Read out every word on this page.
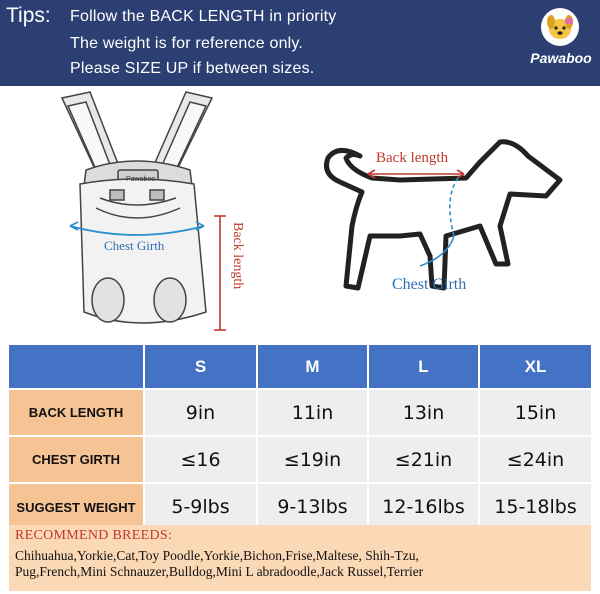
Tips: Follow the BACK LENGTH in priority
The weight is for reference only.
Please SIZE UP if between sizes.
Pawaboo
Pawaboo
Chest Girth	Back length
Back length
Chest Girth
S	M	L	XL
BACK LENGTH	9in	11in	13in	15in
CHEST GIRTH	≤16	≤19in	≤21in	≤24in
SUGGEST WEIGHT	5-9lbs	9-13lbs	12-16lbs	15-18lbs
RECOMMEND BREEDS:
Chihuahua,Yorkie,Cat,Toy Poodle,Yorkie,Bichon,Frise,Maltese, Shih-Tzu,
Pug,French,Mini Schnauzer,Bulldog,Mini L abradoodle,Jack Russel,Terrier
